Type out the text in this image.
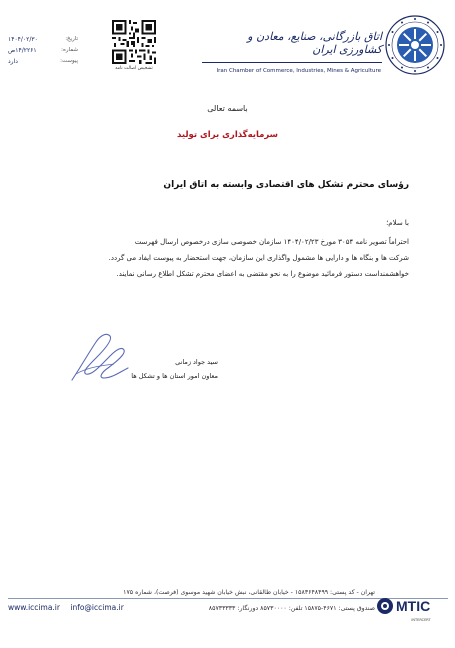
تاریخ:
۱۴۰۴/۰۲/۳۰
شماره:
۱۴/۲۲۶۱ص
پیوست:
دارد
تشخیص اصالت نامه
اتاق بازرگانی، صنایع، معادن و کشاورزی ایران
Iran Chamber of Commerce, Industries, Mines & Agriculture
باسمه تعالی
سرمایه‌گذاری برای تولید
رؤسای محترم تشکل های اقتصادی وابسته به اتاق ایران
با سلام؛
احتراماً تصویر نامه ۳۰۵۴ مورخ ۱۴۰۴/۰۲/۲۳ سازمان خصوصی سازی درخصوص ارسال فهرست
شرکت ها و بنگاه ها و دارایی ها مشمول واگذاری این سازمان، جهت استحضار به پیوست ایفاد می گردد.
خواهشمنداست دستور فرمائید موضوع را به نحو مقتضی به اعضای محترم تشکل اطلاع رسانی نمایند.
سید جواد زمانی
معاون امور استان ها و تشکل ها
تهران - کد پستی: ۱۵۸۳۶۴۸۴۹۹ - خیابان طالقانی، نبش خیابان شهید موسوی (فرصت)، شماره ۱۷۵
صندوق پستی: ۴۶۷۱-۱۵۸۷۵ تلفن: ۸۵۷۳۰۰۰۰ دورنگار: ۸۵۷۳۳۳۳۳
www.iccima.ir info@iccima.ir	MTIC
INTERCERT
